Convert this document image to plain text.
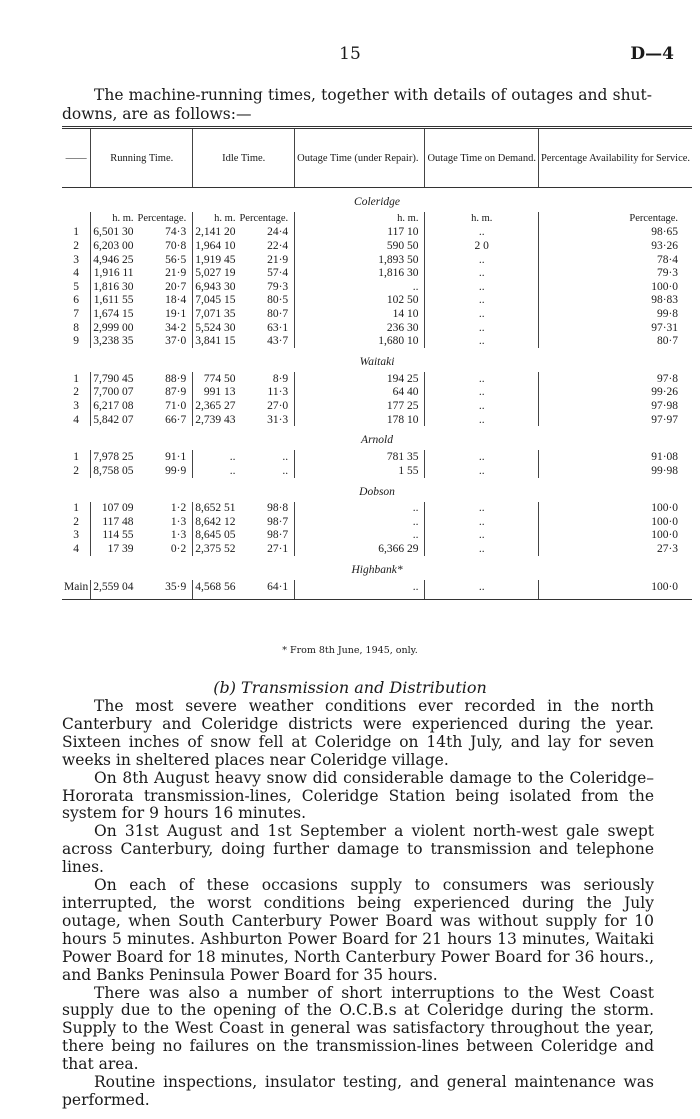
15	D—4
The machine-running times, together with details of outages and shut-downs, are as follows:—
——	Running Time.		Idle Time.		Outage Time (under Repair).	Outage Time on Demand.	Percentage Availability for Service.
Coleridge							
	h. m.	Percentage.	h. m.	Percentage.	h. m.	h. m.	Percentage.
1	6,501 30	74·3	2,141 20	24·4	117 10	..	98·65
2	6,203 00	70·8	1,964 10	22·4	590 50	2 0	93·26
3	4,946 25	56·5	1,919 45	21·9	1,893 50	..	78·4
4	1,916 11	21·9	5,027 19	57·4	1,816 30	..	79·3
5	1,816 30	20·7	6,943 30	79·3	..	..	100·0
6	1,611 55	18·4	7,045 15	80·5	102 50	..	98·83
7	1,674 15	19·1	7,071 35	80·7	14 10	..	99·8
8	2,999 00	34·2	5,524 30	63·1	236 30	..	97·31
9	3,238 35	37·0	3,841 15	43·7	1,680 10	..	80·7
Waitaki							
1	7,790 45	88·9	774 50	8·9	194 25	..	97·8
2	7,700 07	87·9	991 13	11·3	64 40	..	99·26
3	6,217 08	71·0	2,365 27	27·0	177 25	..	97·98
4	5,842 07	66·7	2,739 43	31·3	178 10	..	97·97
Arnold							
1	7,978 25	91·1	..	..	781 35	..	91·08
2	8,758 05	99·9	..	..	1 55	..	99·98
Dobson							
1	107 09	1·2	8,652 51	98·8	..	..	100·0
2	117 48	1·3	8,642 12	98·7	..	..	100·0
3	114 55	1·3	8,645 05	98·7	..	..	100·0
4	17 39	0·2	2,375 52	27·1	6,366 29	..	27·3
Highbank*							
Main	2,559 04	35·9	4,568 56	64·1	..	..	100·0
* From 8th June, 1945, only.
(b) Transmission and Distribution

The most severe weather conditions ever recorded in the north Canterbury and Coleridge districts were experienced during the year. Sixteen inches of snow fell at Coleridge on 14th July, and lay for seven weeks in sheltered places near Coleridge village.

On 8th August heavy snow did considerable damage to the Coleridge–Hororata transmission-lines, Coleridge Station being isolated from the system for 9 hours 16 minutes.

On 31st August and 1st September a violent north-west gale swept across Canterbury, doing further damage to transmission and telephone lines.

On each of these occasions supply to consumers was seriously interrupted, the worst conditions being experienced during the July outage, when South Canterbury Power Board was without supply for 10 hours 5 minutes. Ashburton Power Board for 21 hours 13 minutes, Waitaki Power Board for 18 minutes, North Canterbury Power Board for 36 hours., and Banks Peninsula Power Board for 35 hours.

There was also a number of short interruptions to the West Coast supply due to the opening of the O.C.B.s at Coleridge during the storm. Supply to the West Coast in general was satisfactory throughout the year, there being no failures on the transmission-lines between Coleridge and that area.

Routine inspections, insulator testing, and general maintenance was performed.
